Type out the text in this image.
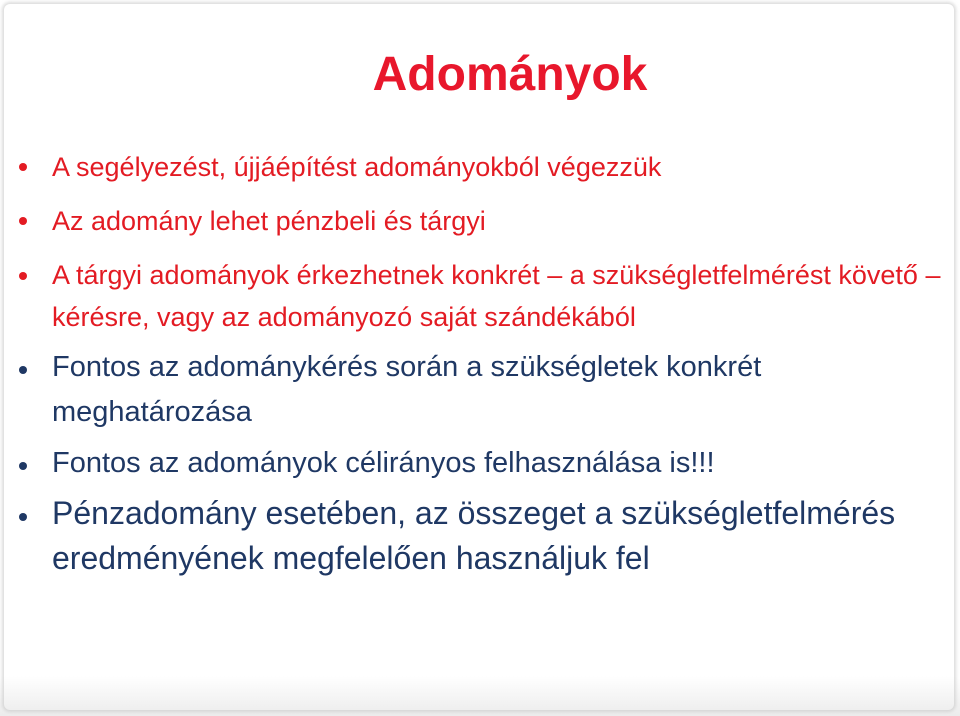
Adományok
A segélyezést, újjáépítést adományokból végezzük
Az adomány lehet pénzbeli és tárgyi
A tárgyi adományok érkezhetnek konkrét – a szükségletfelmérést követő – kérésre, vagy az adományozó saját szándékából
Fontos az adománykérés során a szükségletek konkrét meghatározása
Fontos az adományok célirányos felhasználása is!!!
Pénzadomány esetében, az összeget a szükségletfelmérés eredményének megfelelően használjuk fel
